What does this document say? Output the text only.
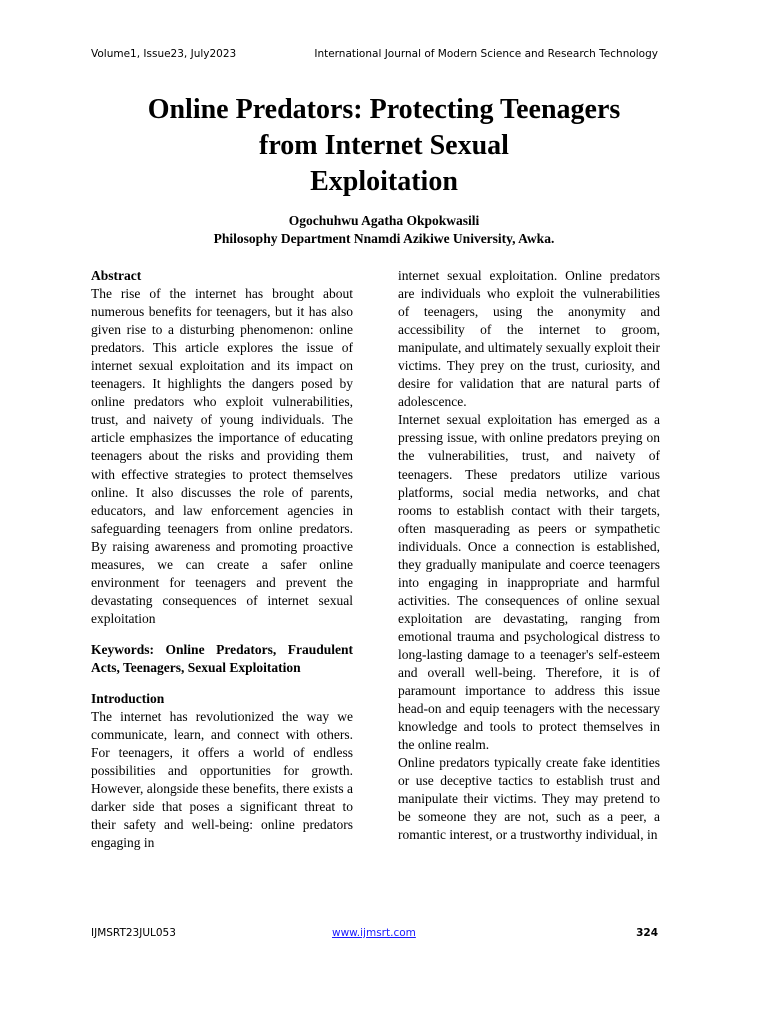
Volume1, Issue23, July2023	International Journal of Modern Science and Research Technology
Online Predators: Protecting Teenagers
from Internet Sexual
Exploitation
Ogochuhwu Agatha Okpokwasili
Philosophy Department Nnamdi Azikiwe University, Awka.

Abstract

The rise of the internet has brought about numerous benefits for teenagers, but it has also given rise to a disturbing phenomenon: online predators. This article explores the issue of internet sexual exploitation and its impact on teenagers. It highlights the dangers posed by online predators who exploit vulnerabilities, trust, and naivety of young individuals. The article emphasizes the importance of educating teenagers about the risks and providing them with effective strategies to protect themselves online. It also discusses the role of parents, educators, and law enforcement agencies in safeguarding teenagers from online predators. By raising awareness and promoting proactive measures, we can create a safer online environment for teenagers and prevent the devastating consequences of internet sexual exploitation

Keywords: Online Predators, Fraudulent Acts, Teenagers, Sexual Exploitation

Introduction

The internet has revolutionized the way we communicate, learn, and connect with others. For teenagers, it offers a world of endless possibilities and opportunities for growth. However, alongside these benefits, there exists a darker side that poses a significant threat to their safety and well-being: online predators engaging in

internet sexual exploitation. Online predators are individuals who exploit the vulnerabilities of teenagers, using the anonymity and accessibility of the internet to groom, manipulate, and ultimately sexually exploit their victims. They prey on the trust, curiosity, and desire for validation that are natural parts of adolescence.

Internet sexual exploitation has emerged as a pressing issue, with online predators preying on the vulnerabilities, trust, and naivety of teenagers. These predators utilize various platforms, social media networks, and chat rooms to establish contact with their targets, often masquerading as peers or sympathetic individuals. Once a connection is established, they gradually manipulate and coerce teenagers into engaging in inappropriate and harmful activities. The consequences of online sexual exploitation are devastating, ranging from emotional trauma and psychological distress to long-lasting damage to a teenager's self-esteem and overall well-being. Therefore, it is of paramount importance to address this issue head-on and equip teenagers with the necessary knowledge and tools to protect themselves in the online realm.

Online predators typically create fake identities or use deceptive tactics to establish trust and manipulate their victims. They may pretend to be someone they are not, such as a peer, a romantic interest, or a trustworthy individual, in

IJMSRT23JUL053	www.ijmsrt.com	324
